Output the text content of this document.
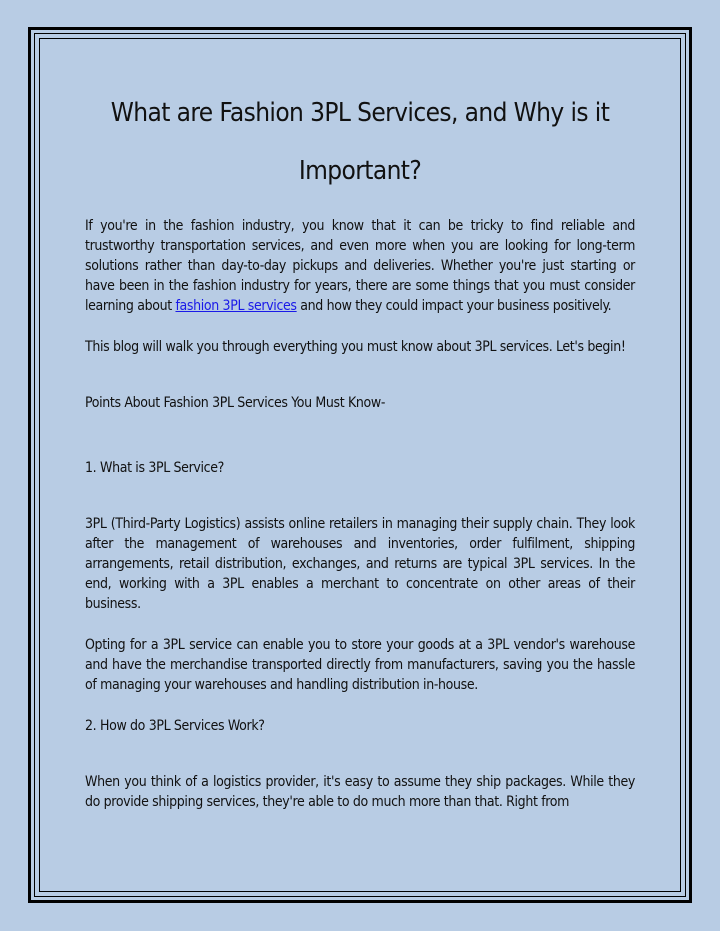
What are Fashion 3PL Services, and Why is it Important?

If you're in the fashion industry, you know that it can be tricky to find reliable and trustworthy transportation services, and even more when you are looking for long-term solutions rather than day-to-day pickups and deliveries. Whether you're just starting or have been in the fashion industry for years, there are some things that you must consider learning about fashion 3PL services and how they could impact your business positively.

This blog will walk you through everything you must know about 3PL services. Let's begin!

Points About Fashion 3PL Services You Must Know-

1. What is 3PL Service?

3PL (Third-Party Logistics) assists online retailers in managing their supply chain. They look after the management of warehouses and inventories, order fulfilment, shipping arrangements, retail distribution, exchanges, and returns are typical 3PL services. In the end, working with a 3PL enables a merchant to concentrate on other areas of their business.

Opting for a 3PL service can enable you to store your goods at a 3PL vendor's warehouse and have the merchandise transported directly from manufacturers, saving you the hassle of managing your warehouses and handling distribution in-house.

2. How do 3PL Services Work?

When you think of a logistics provider, it's easy to assume they ship packages. While they do provide shipping services, they're able to do much more than that. Right from
